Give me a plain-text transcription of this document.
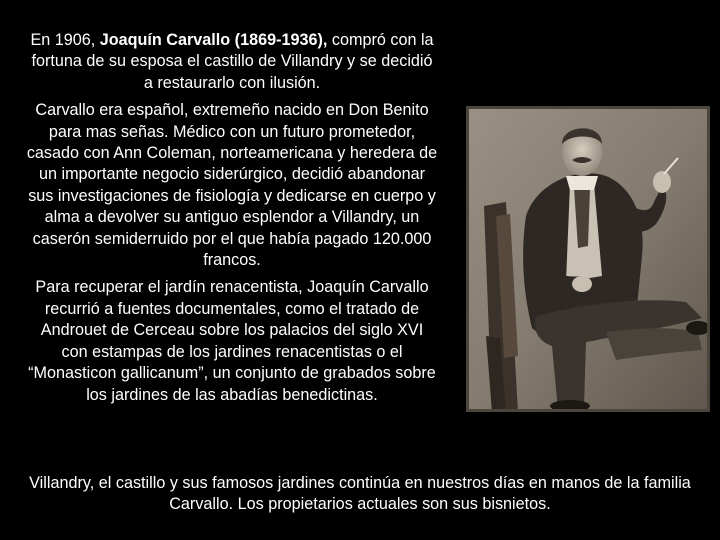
En 1906, Joaquín Carvallo (1869-1936), compró con la fortuna de su esposa el castillo de Villandry y se decidió a restaurarlo con ilusión.

Carvallo era español, extremeño nacido en Don Benito para mas señas. Médico con un futuro prometedor, casado con Ann Coleman, norteamericana y heredera de un importante negocio siderúrgico, decidió abandonar sus investigaciones de fisiología y dedicarse en cuerpo y alma a devolver su antiguo esplendor a Villandry, un caserón semiderruido por el que había pagado 120.000 francos.

Para recuperar el jardín renacentista, Joaquín Carvallo recurrió a fuentes documentales, como el tratado de Androuet de Cerceau sobre los palacios del siglo XVI con estampas de los jardines renacentistas o el “Monasticon gallicanum”, un conjunto de grabados sobre los jardines de las abadías benedictinas.

Villandry, el castillo y sus famosos jardines continúa en nuestros días en manos de la familia Carvallo. Los propietarios actuales son sus bisnietos.
